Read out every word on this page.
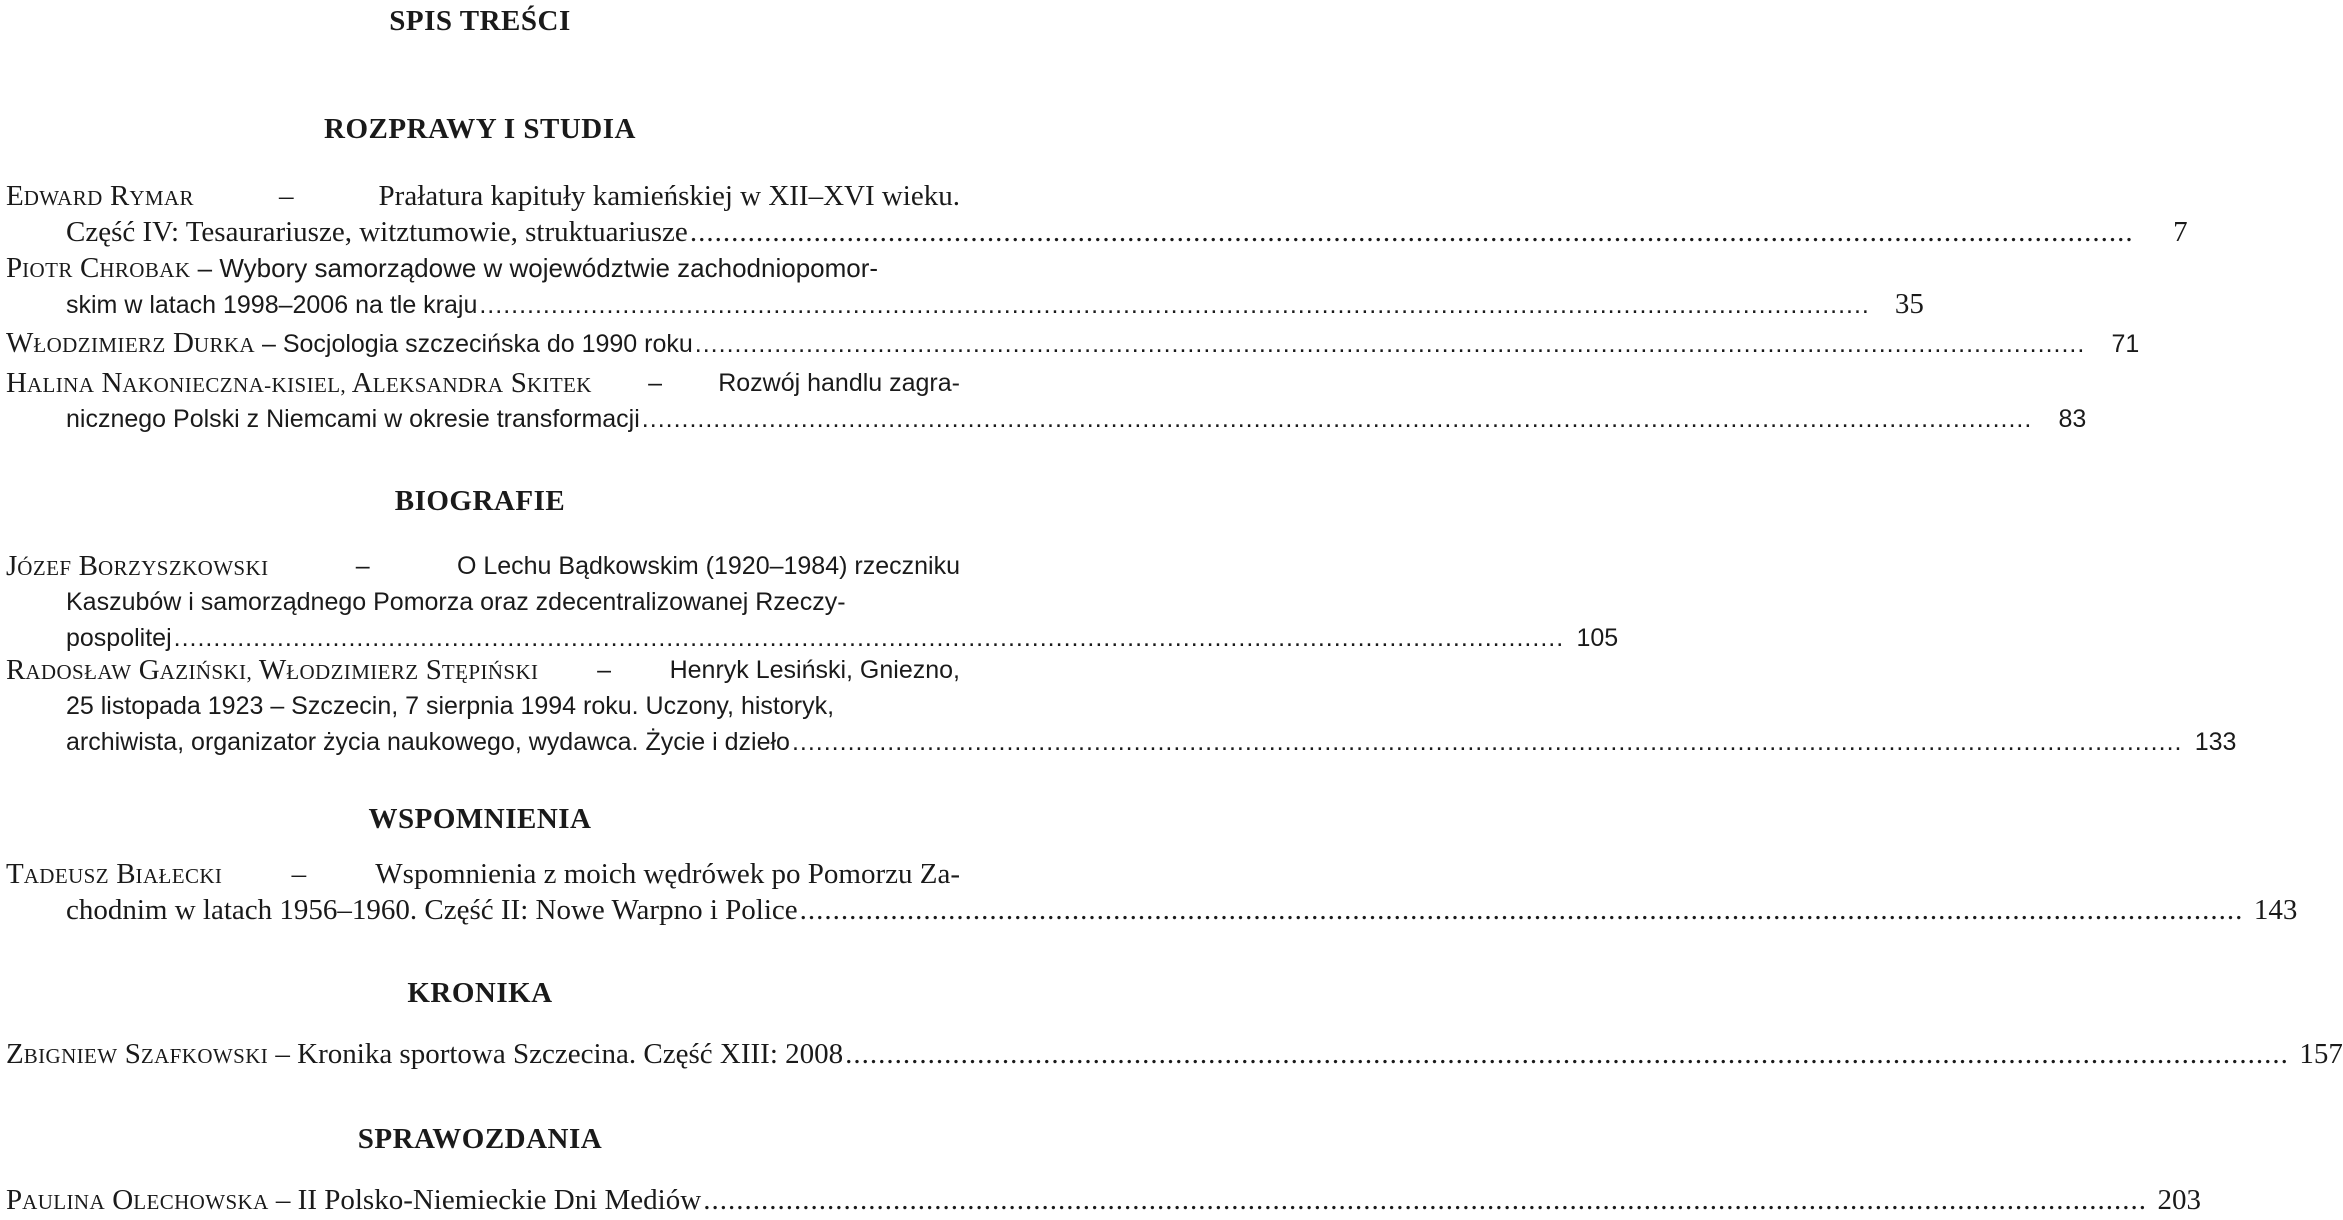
SPIS TREŚCI
ROZPRAWY I STUDIA
EDWARD RYMAR	–	Prałatura kapituły kamieńskiej w XII–XVI wieku.
Część IV: Tesaurariusze, witztumowie, struktuariusze ...............................................................................................................................................................................	7
PIOTR CHROBAK – Wybory samorządowe w województwie zachodniopomor-
skim w latach 1998–2006 na tle kraju ............................................................................................................................................................................... 35
WŁODZIMIERZ DURKA – Socjologia szczecińska do 1990 roku ...............................................................................................................................................................................	71
HALINA NAKONIECZNA-KISIEL, ALEKSANDRA SKITEK – Rozwój handlu zagra-
nicznego Polski z Niemcami w okresie transformacji ...............................................................................................................................................................................	83
BIOGRAFIE
JÓZEF BORZYSZKOWSKI	–	O Lechu Bądkowskim (1920–1984) rzeczniku
Kaszubów i samorządnego Pomorza oraz zdecentralizowanej Rzeczy-
pospolitej ............................................................................................................................................................................... 105
RADOSŁAW GAZIŃSKI, WŁODZIMIERZ STĘPIŃSKI – Henryk Lesiński, Gniezno,
25 listopada 1923 – Szczecin, 7 sierpnia 1994 roku. Uczony, historyk,
archiwista, organizator życia naukowego, wydawca. Życie i dzieło ............................................................................................................................................................................... 133
WSPOMNIENIA
TADEUSZ BIAŁECKI – Wspomnienia z moich wędrówek po Pomorzu Za-
chodnim w latach 1956–1960. Część II: Nowe Warpno i Police ............................................................................................................................................................................... 143
KRONIKA
ZBIGNIEW SZAFKOWSKI – Kronika sportowa Szczecina. Część XIII: 2008 ............................................................................................................................................................................... 157
SPRAWOZDANIA
PAULINA OLECHOWSKA – II Polsko-Niemieckie Dni Mediów ............................................................................................................................................................................... 203
